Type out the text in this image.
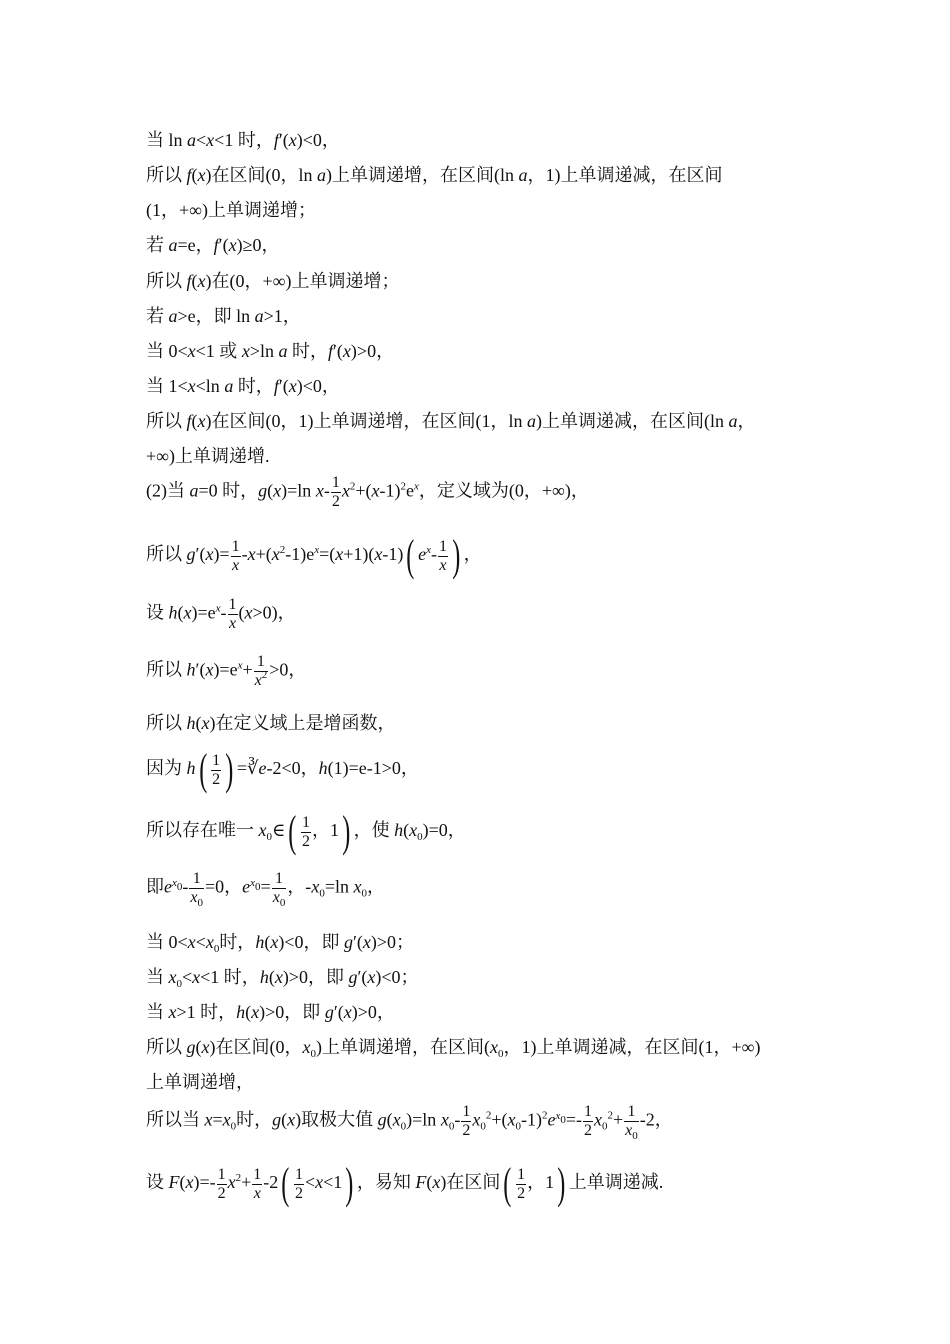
当 ln a<x<1 时，f′(x)<0，
所以 f(x)在区间(0，ln a)上单调递增，在区间(ln a，1)上单调递减，在区间
(1，+∞)上单调递增；
若 a=e，f′(x)≥0，
所以 f(x)在(0，+∞)上单调递增；
若 a>e，即 ln a>1，
当 0<x<1 或 x>ln a 时，f′(x)>0，
当 1<x<ln a 时，f′(x)<0，
所以 f(x)在区间(0，1)上单调递增，在区间(1，ln a)上单调递减，在区间(ln a，
+∞)上单调递增.
(2)当 a=0 时，g(x)=ln $x- \frac{1}{2} x^2+(x-1)^2e^x$，定义域为(0，+∞)，
所以 $g'(x)= \frac{1}{x} -x+(x^2-1)e^x=(x+1)(x-1)$( $e^x- \frac{1}{x}$ ) ，
设 $h(x)=e^x- \frac{1}{x} (x>0)$，
所以 $h'(x)=e^x+ \frac{1}{x^2} >0$，
所以 h(x)在定义域上是增函数，
因为 $h( \frac{1}{2}$ ) =∛e-2<0，h(1)=e-1>0，
所以存在唯一 $x_0\in( \frac{1}{2}$ ，1) ，使 $h(x_0)=0$，
即$e^{x_0}- \frac{1}{x_0} =0$，$e^{x_0}= \frac{1}{x_0}$ ，$-x_0=\ln$ $x_0$，
当 $0<x<x_0$时，h(x)<0，即 g′(x)>0；
当 $x_0<x<1$ 时，h(x)>0，即 g′(x)<0；
当 x>1 时，h(x)>0，即 g′(x)>0，
所以 g(x)在区间(0，$x_0$)上单调递增，在区间($x_0$，1)上单调递减，在区间(1，+∞)
上单调递增，
所以当 $x=x_0$时，g(x)取极大值 $g(x_0)=\ln$ $x_0- \frac{1}{2} x_0^2+(x_0-1)^2e^{x_0}=- \frac{1}{2} x_0^2+ \frac{1}{x_0} -2$，
设 $F(x)=- \frac{1}{2} x^2+ \frac{1}{x} -2( \frac{1}{2} <x<1)$ ，易知 F(x)在区间( $\frac{1}{2}$ ，1) 上单调递减.
